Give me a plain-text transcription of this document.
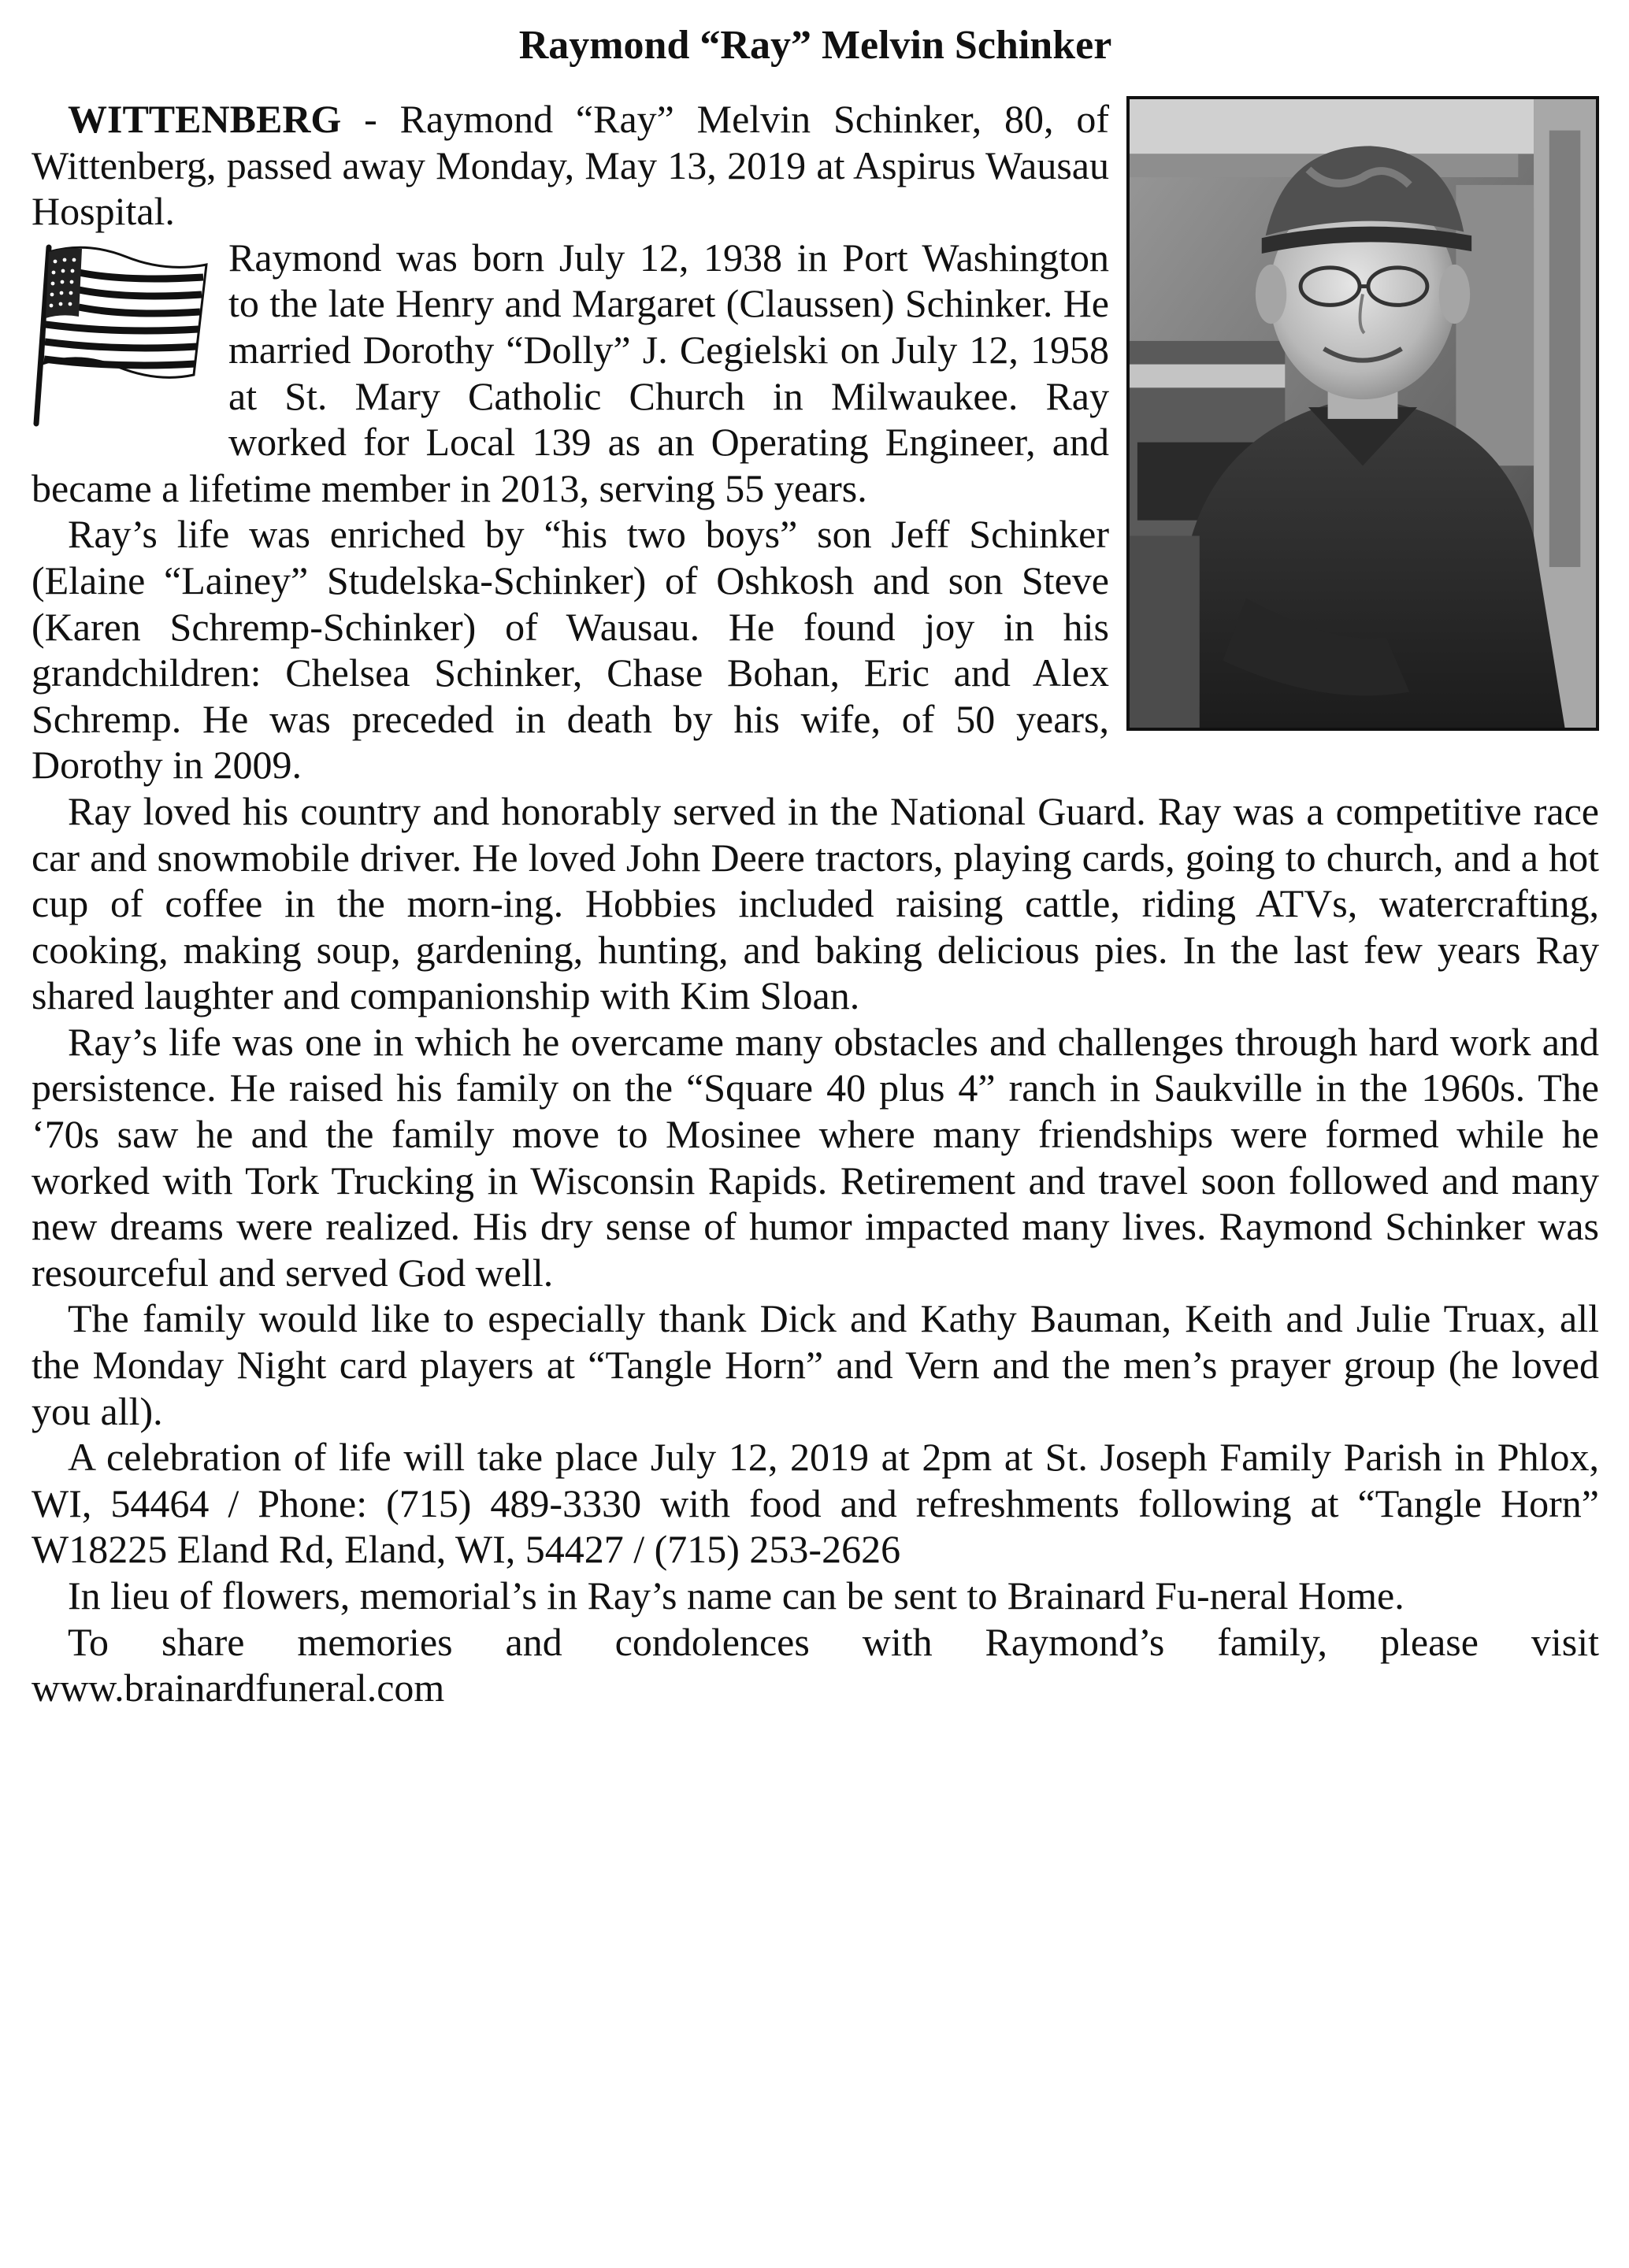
Raymond “Ray” Melvin Schinker

WITTENBERG - Raymond “Ray” Melvin Schinker, 80, of Wittenberg, passed away Monday, May 13, 2019 at Aspirus Wausau Hospital.

Raymond was born July 12, 1938 in Port Washington to the late Henry and Margaret (Claussen) Schinker. He married Dorothy “Dolly” J. Cegielski on July 12, 1958 at St. Mary Catholic Church in Milwaukee. Ray worked for Local 139 as an Operating Engineer, and became a lifetime member in 2013, serving 55 years.

Ray’s life was enriched by “his two boys” son Jeff Schinker (Elaine “Lainey” Studelska-Schinker) of Oshkosh and son Steve (Karen Schremp-Schinker) of Wausau. He found joy in his grandchildren: Chelsea Schinker, Chase Bohan, Eric and Alex Schremp. He was preceded in death by his wife, of 50 years, Dorothy in 2009.

Ray loved his country and honorably served in the National Guard. Ray was a competitive race car and snowmobile driver. He loved John Deere tractors, playing cards, going to church, and a hot cup of coffee in the morn-ing. Hobbies included raising cattle, riding ATVs, watercrafting, cooking, making soup, gardening, hunting, and baking delicious pies. In the last few years Ray shared laughter and companionship with Kim Sloan.

Ray’s life was one in which he overcame many obstacles and challenges through hard work and persistence. He raised his family on the “Square 40 plus 4” ranch in Saukville in the 1960s. The ‘70s saw he and the family move to Mosinee where many friendships were formed while he worked with Tork Trucking in Wisconsin Rapids. Retirement and travel soon followed and many new dreams were realized. His dry sense of humor impacted many lives. Raymond Schinker was resourceful and served God well.

The family would like to especially thank Dick and Kathy Bauman, Keith and Julie Truax, all the Monday Night card players at “Tangle Horn” and Vern and the men’s prayer group (he loved you all).

A celebration of life will take place July 12, 2019 at 2pm at St. Joseph Family Parish in Phlox, WI, 54464 / Phone: (715) 489-3330 with food and refreshments following at “Tangle Horn” W18225 Eland Rd, Eland, WI, 54427 / (715) 253-2626

In lieu of flowers, memorial’s in Ray’s name can be sent to Brainard Fu-neral Home.

To share memories and condolences with Raymond’s family, please visit www.brainardfuneral.com
